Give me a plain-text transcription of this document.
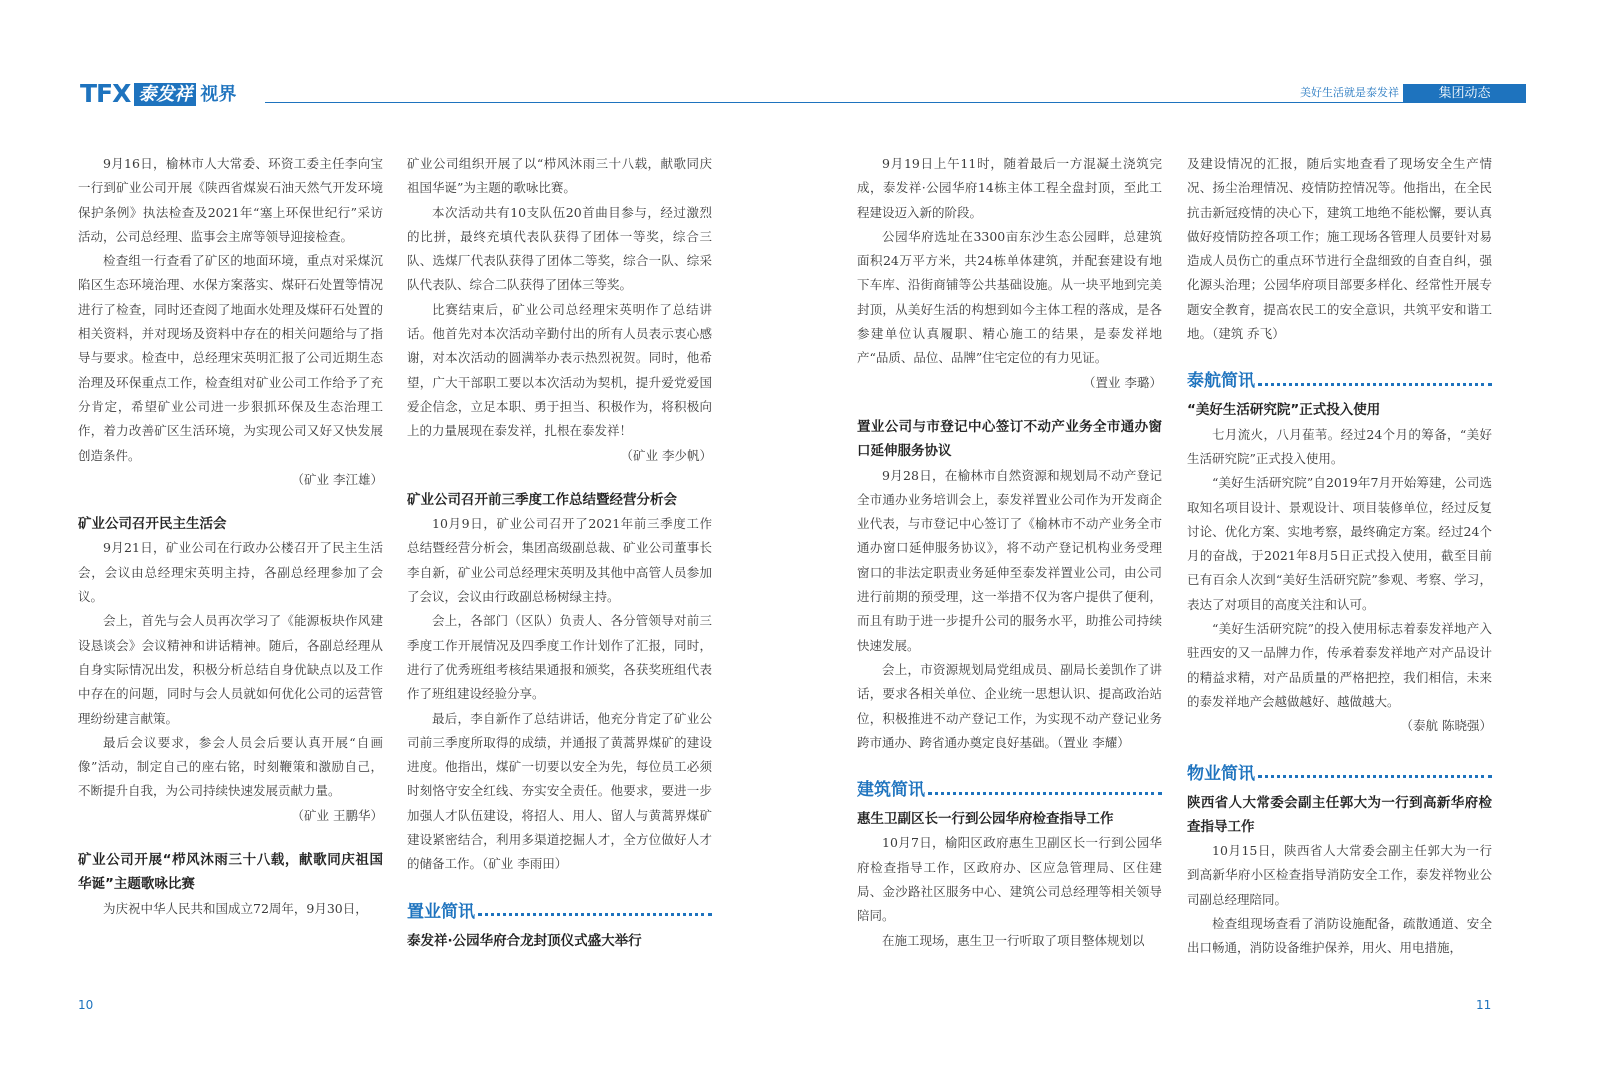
TFX 泰发祥 视界	美好生活就是泰发祥	集团动态

9月16日，榆林市人大常委、环资工委主任李向宝一行到矿业公司开展《陕西省煤炭石油天然气开发环境保护条例》执法检查及2021年“塞上环保世纪行”采访活动，公司总经理、监事会主席等领导迎接检查。

检查组一行查看了矿区的地面环境，重点对采煤沉陷区生态环境治理、水保方案落实、煤矸石处置等情况进行了检查，同时还查阅了地面水处理及煤矸石处置的相关资料，并对现场及资料中存在的相关问题给与了指导与要求。检查中，总经理宋英明汇报了公司近期生态治理及环保重点工作，检查组对矿业公司工作给予了充分肯定，希望矿业公司进一步狠抓环保及生态治理工作，着力改善矿区生活环境，为实现公司又好又快发展创造条件。

（矿业 李江雄）

矿业公司召开民主生活会

9月21日，矿业公司在行政办公楼召开了民主生活会，会议由总经理宋英明主持，各副总经理参加了会议。

会上，首先与会人员再次学习了《能源板块作风建设恳谈会》会议精神和讲话精神。随后，各副总经理从自身实际情况出发，积极分析总结自身优缺点以及工作中存在的问题，同时与会人员就如何优化公司的运营管理纷纷建言献策。

最后会议要求，参会人员会后要认真开展“自画像”活动，制定自己的座右铭，时刻鞭策和激励自己，不断提升自我，为公司持续快速发展贡献力量。

（矿业 王鹏华）

矿业公司开展“栉风沐雨三十八载，献歌同庆祖国华诞”主题歌咏比赛

为庆祝中华人民共和国成立72周年，9月30日，

矿业公司组织开展了以“栉风沐雨三十八载，献歌同庆祖国华诞”为主题的歌咏比赛。

本次活动共有10支队伍20首曲目参与，经过激烈的比拼，最终充填代表队获得了团体一等奖，综合三队、选煤厂代表队获得了团体二等奖，综合一队、综采队代表队、综合二队获得了团体三等奖。

比赛结束后，矿业公司总经理宋英明作了总结讲话。他首先对本次活动辛勤付出的所有人员表示衷心感谢，对本次活动的圆满举办表示热烈祝贺。同时，他希望，广大干部职工要以本次活动为契机，提升爱党爱国爱企信念，立足本职、勇于担当、积极作为，将积极向上的力量展现在泰发祥，扎根在泰发祥！

（矿业 李少帆）

矿业公司召开前三季度工作总结暨经营分析会

10月9日，矿业公司召开了2021年前三季度工作总结暨经营分析会，集团高级副总裁、矿业公司董事长李自新，矿业公司总经理宋英明及其他中高管人员参加了会议，会议由行政副总杨树绿主持。

会上，各部门（区队）负责人、各分管领导对前三季度工作开展情况及四季度工作计划作了汇报，同时，进行了优秀班组考核结果通报和颁奖，各获奖班组代表作了班组建设经验分享。

最后，李自新作了总结讲话，他充分肯定了矿业公司前三季度所取得的成绩，并通报了黄蒿界煤矿的建设进度。他指出，煤矿一切要以安全为先，每位员工必须时刻恪守安全红线、夯实安全责任。他要求，要进一步加强人才队伍建设，将招人、用人、留人与黄蒿界煤矿建设紧密结合，利用多渠道挖掘人才，全方位做好人才的储备工作。（矿业 李雨田）

置业简讯

泰发祥·公园华府合龙封顶仪式盛大举行

9月19日上午11时，随着最后一方混凝土浇筑完成，泰发祥·公园华府14栋主体工程全盘封顶，至此工程建设迈入新的阶段。

公园华府选址在3300亩东沙生态公园畔，总建筑面积24万平方米，共24栋单体建筑，并配套建设有地下车库、沿街商铺等公共基础设施。从一块平地到完美封顶，从美好生活的构想到如今主体工程的落成，是各参建单位认真履职、精心施工的结果，是泰发祥地产“品质、品位、品牌”住宅定位的有力见证。

（置业 李璐）

置业公司与市登记中心签订不动产业务全市通办窗口延伸服务协议

9月28日，在榆林市自然资源和规划局不动产登记全市通办业务培训会上，泰发祥置业公司作为开发商企业代表，与市登记中心签订了《榆林市不动产业务全市通办窗口延伸服务协议》，将不动产登记机构业务受理窗口的非法定职责业务延伸至泰发祥置业公司，由公司进行前期的预受理，这一举措不仅为客户提供了便利，而且有助于进一步提升公司的服务水平，助推公司持续快速发展。

会上，市资源规划局党组成员、副局长姜凯作了讲话，要求各相关单位、企业统一思想认识、提高政治站位，积极推进不动产登记工作，为实现不动产登记业务跨市通办、跨省通办奠定良好基础。（置业 李耀）

建筑简讯

惠生卫副区长一行到公园华府检查指导工作

10月7日，榆阳区政府惠生卫副区长一行到公园华府检查指导工作，区政府办、区应急管理局、区住建局、金沙路社区服务中心、建筑公司总经理等相关领导陪同。

在施工现场，惠生卫一行听取了项目整体规划以

及建设情况的汇报，随后实地查看了现场安全生产情况、扬尘治理情况、疫情防控情况等。他指出，在全民抗击新冠疫情的决心下，建筑工地绝不能松懈，要认真做好疫情防控各项工作；施工现场各管理人员要针对易造成人员伤亡的重点环节进行全盘细致的自查自纠，强化源头治理；公园华府项目部要多样化、经常性开展专题安全教育，提高农民工的安全意识，共筑平安和谐工地。（建筑 乔飞）

泰航简讯

“美好生活研究院”正式投入使用

七月流火，八月萑苇。经过24个月的筹备，“美好生活研究院”正式投入使用。

“美好生活研究院”自2019年7月开始筹建，公司选取知名项目设计、景观设计、项目装修单位，经过反复讨论、优化方案、实地考察，最终确定方案。经过24个月的奋战，于2021年8月5日正式投入使用，截至目前已有百余人次到“美好生活研究院”参观、考察、学习，表达了对项目的高度关注和认可。

“美好生活研究院”的投入使用标志着泰发祥地产入驻西安的又一品牌力作，传承着泰发祥地产对产品设计的精益求精，对产品质量的严格把控，我们相信，未来的泰发祥地产会越做越好、越做越大。

（泰航 陈晓强）

物业简讯

陕西省人大常委会副主任郭大为一行到高新华府检查指导工作

10月15日，陕西省人大常委会副主任郭大为一行到高新华府小区检查指导消防安全工作，泰发祥物业公司副总经理陪同。

检查组现场查看了消防设施配备，疏散通道、安全出口畅通，消防设备维护保养，用火、用电措施，

10	11
